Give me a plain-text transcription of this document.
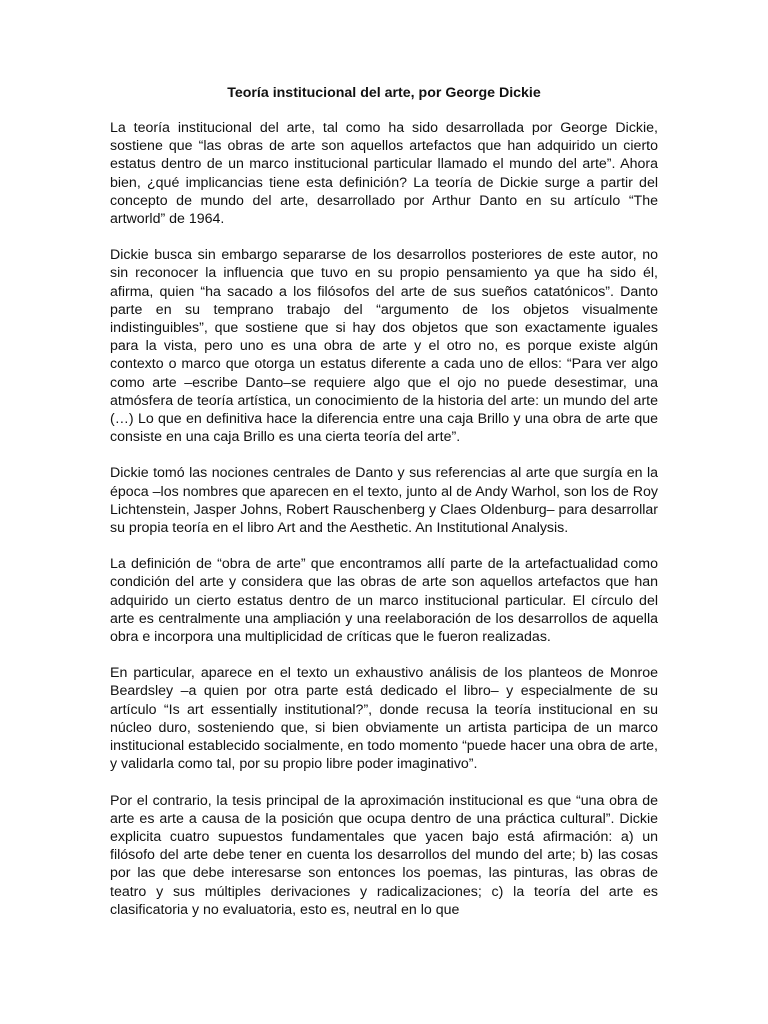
Teoría institucional del arte, por George Dickie

La teoría institucional del arte, tal como ha sido desarrollada por George Dickie, sostiene que “las obras de arte son aquellos artefactos que han adquirido un cierto estatus dentro de un marco institucional particular llamado el mundo del arte”. Ahora bien, ¿qué implicancias tiene esta definición? La teoría de Dickie surge a partir del concepto de mundo del arte, desarrollado por Arthur Danto en su artículo “The artworld” de 1964.

Dickie busca sin embargo separarse de los desarrollos posteriores de este autor, no sin reconocer la influencia que tuvo en su propio pensamiento ya que ha sido él, afirma, quien “ha sacado a los filósofos del arte de sus sueños catatónicos”. Danto parte en su temprano trabajo del “argumento de los objetos visualmente indistinguibles”, que sostiene que si hay dos objetos que son exactamente iguales para la vista, pero uno es una obra de arte y el otro no, es porque existe algún contexto o marco que otorga un estatus diferente a cada uno de ellos: “Para ver algo como arte –escribe Danto–se requiere algo que el ojo no puede desestimar, una atmósfera de teoría artística, un conocimiento de la historia del arte: un mundo del arte (…) Lo que en definitiva hace la diferencia entre una caja Brillo y una obra de arte que consiste en una caja Brillo es una cierta teoría del arte”.

Dickie tomó las nociones centrales de Danto y sus referencias al arte que surgía en la época –los nombres que aparecen en el texto, junto al de Andy Warhol, son los de Roy Lichtenstein, Jasper Johns, Robert Rauschenberg y Claes Oldenburg– para desarrollar su propia teoría en el libro Art and the Aesthetic. An Institutional Analysis.

La definición de “obra de arte” que encontramos allí parte de la artefactualidad como condición del arte y considera que las obras de arte son aquellos artefactos que han adquirido un cierto estatus dentro de un marco institucional particular. El círculo del arte es centralmente una ampliación y una reelaboración de los desarrollos de aquella obra e incorpora una multiplicidad de críticas que le fueron realizadas.

En particular, aparece en el texto un exhaustivo análisis de los planteos de Monroe Beardsley –a quien por otra parte está dedicado el libro– y especialmente de su artículo “Is art essentially institutional?”, donde recusa la teoría institucional en su núcleo duro, sosteniendo que, si bien obviamente un artista participa de un marco institucional establecido socialmente, en todo momento “puede hacer una obra de arte, y validarla como tal, por su propio libre poder imaginativo”.

Por el contrario, la tesis principal de la aproximación institucional es que “una obra de arte es arte a causa de la posición que ocupa dentro de una práctica cultural”. Dickie explicita cuatro supuestos fundamentales que yacen bajo está afirmación: a) un filósofo del arte debe tener en cuenta los desarrollos del mundo del arte; b) las cosas por las que debe interesarse son entonces los poemas, las pinturas, las obras de teatro y sus múltiples derivaciones y radicalizaciones; c) la teoría del arte es clasificatoria y no evaluatoria, esto es, neutral en lo que
